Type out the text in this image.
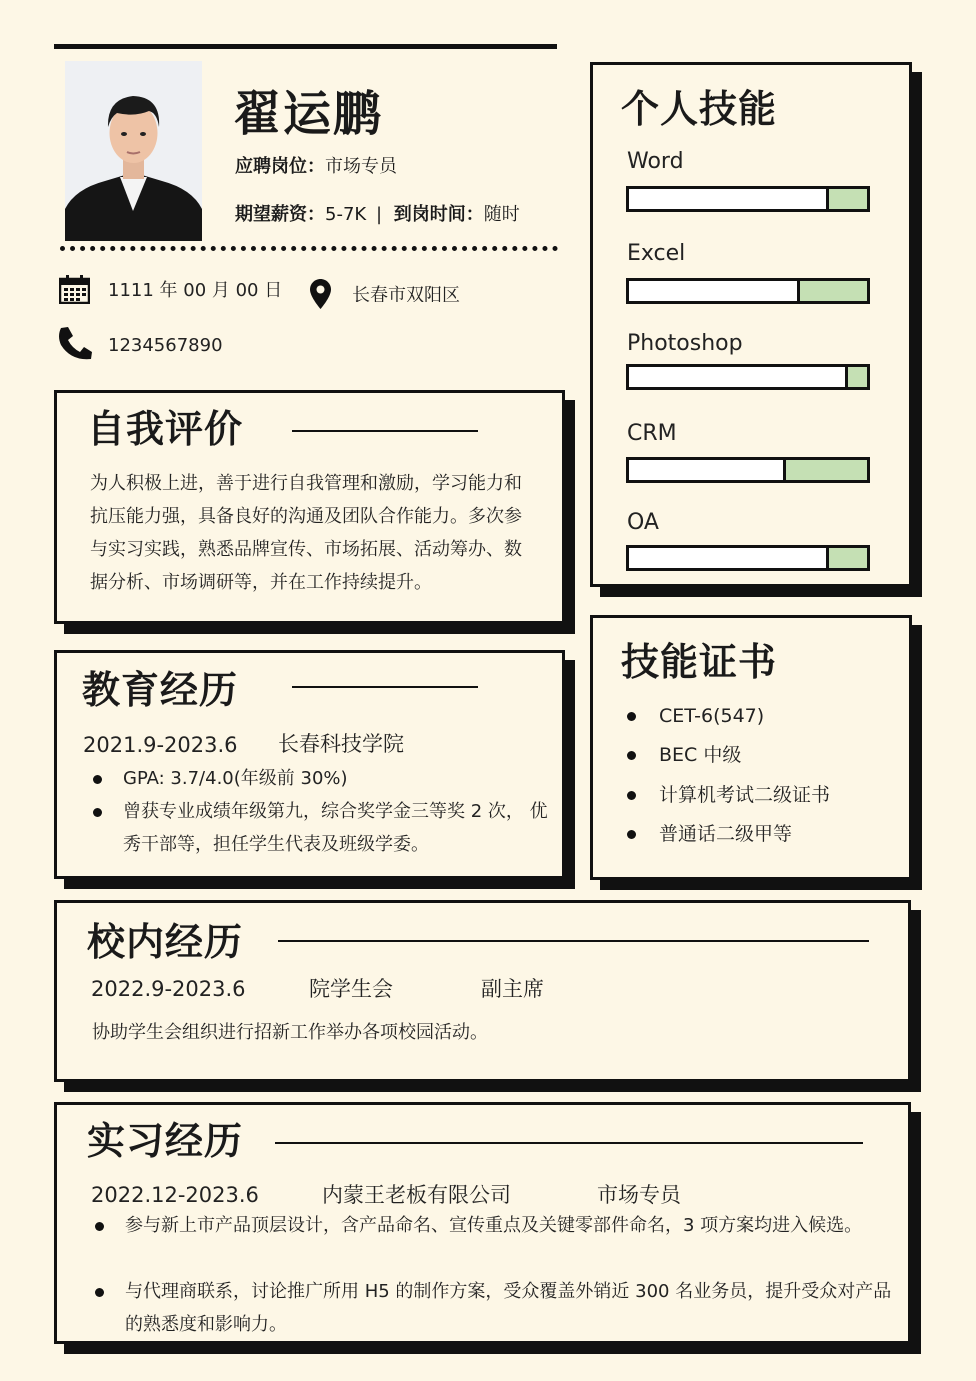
翟运鹏
应聘岗位：市场专员
期望薪资：5-7K | 到岗时间：随时
1111 年 00 月 00 日	长春市双阳区
1234567890
自我评价
为人积极上进，善于进行自我管理和激励，学习能力和抗压能力强，具备良好的沟通及团队合作能力。多次参与实习实践，熟悉品牌宣传、市场拓展、活动筹办、数据分析、市场调研等，并在工作持续提升。
教育经历
2021.9-2023.6 长春科技学院
GPA: 3.7/4.0(年级前 30%)
曾获专业成绩年级第九，综合奖学金三等奖 2 次， 优秀干部等，担任学生代表及班级学委。
校内经历
2022.9-2023.6	院学生会	副主席
协助学生会组织进行招新工作举办各项校园活动。
实习经历
2022.12-2023.6	内蒙王老板有限公司	市场专员
参与新上市产品顶层设计，含产品命名、宣传重点及关键零部件命名，3 项方案均进入候选。
与代理商联系，讨论推广所用 H5 的制作方案，受众覆盖外销近 300 名业务员，提升受众对产品的熟悉度和影响力。
个人技能
Word
Excel
Photoshop
CRM
OA
技能证书
CET-6(547)
BEC 中级
计算机考试二级证书
普通话二级甲等
